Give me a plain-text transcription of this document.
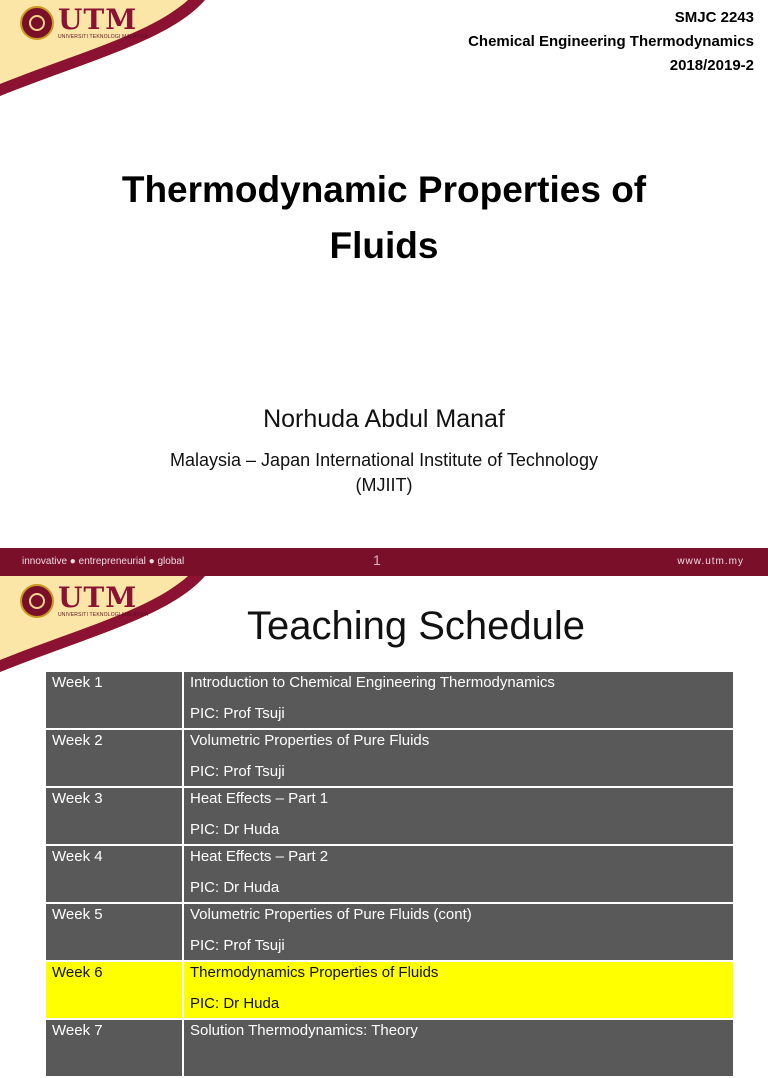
UTM
UNIVERSITI TEKNOLOGI MALAYSIA
SMJC 2243
Chemical Engineering Thermodynamics
2018/2019-2
Thermodynamic Properties of
Fluids
Norhuda Abdul Manaf
Malaysia – Japan International Institute of Technology
(MJIIT)
innovative ● entrepreneurial ● global	1	www.utm.my
UTM
UNIVERSITI TEKNOLOGI MALAYSIA	Teaching Schedule
Week 1	Introduction to Chemical Engineering Thermodynamics
PIC: Prof Tsuji

Week 2	Volumetric Properties of Pure Fluids
PIC: Prof Tsuji

Week 3	Heat Effects – Part 1
PIC: Dr Huda

Week 4	Heat Effects – Part 2
PIC: Dr Huda

Week 5	Volumetric Properties of Pure Fluids (cont)
PIC: Prof Tsuji

Week 6	Thermodynamics Properties of Fluids
PIC: Dr Huda

Week 7	Solution Thermodynamics: Theory
